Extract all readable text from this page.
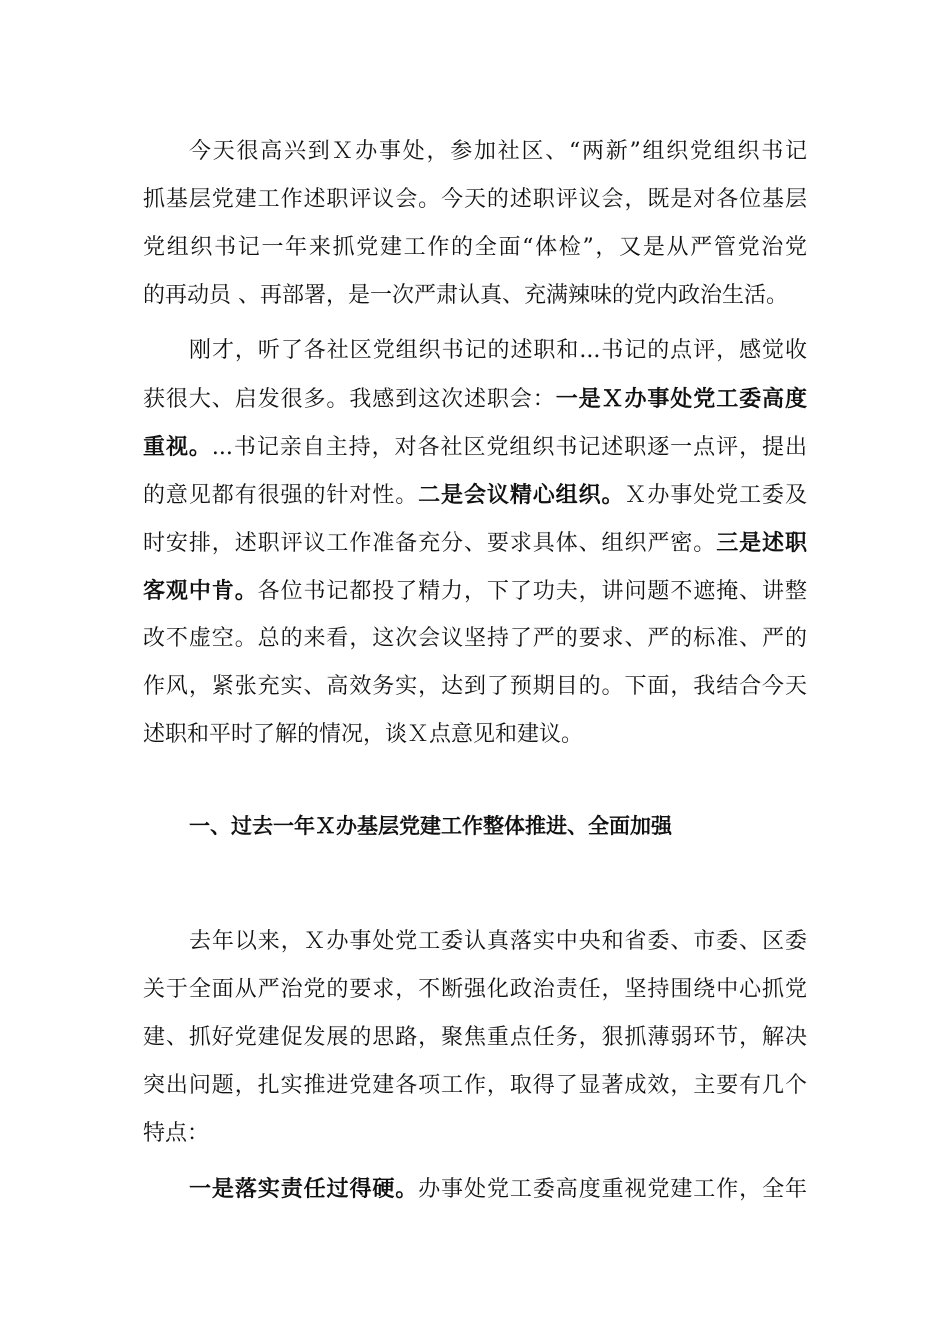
今天很高兴到Ｘ办事处，参加社区、“两新”组织党组织书记
抓基层党建工作述职评议会。今天的述职评议会，既是对各位基层
党组织书记一年来抓党建工作的全面“体检”，又是从严管党治党
的再动员 、再部署，是一次严肃认真、充满辣味的党内政治生活。
刚才，听了各社区党组织书记的述职和...书记的点评，感觉收
获很大、启发很多。我感到这次述职会：一是Ｘ办事处党工委高度
重视。...书记亲自主持，对各社区党组织书记述职逐一点评，提出
的意见都有很强的针对性。二是会议精心组织。Ｘ办事处党工委及
时安排，述职评议工作准备充分、要求具体、组织严密。三是述职
客观中肯。各位书记都投了精力，下了功夫，讲问题不遮掩、讲整
改不虚空。总的来看，这次会议坚持了严的要求、严的标准、严的
作风，紧张充实、高效务实，达到了预期目的。下面，我结合今天
述职和平时了解的情况，谈Ｘ点意见和建议。
一、过去一年Ｘ办基层党建工作整体推进、全面加强
去年以来，Ｘ办事处党工委认真落实中央和省委、市委、区委
关于全面从严治党的要求，不断强化政治责任，坚持围绕中心抓党
建、抓好党建促发展的思路，聚焦重点任务，狠抓薄弱环节，解决
突出问题，扎实推进党建各项工作，取得了显著成效，主要有几个
特点：
一是落实责任过得硬。办事处党工委高度重视党建工作，全年
